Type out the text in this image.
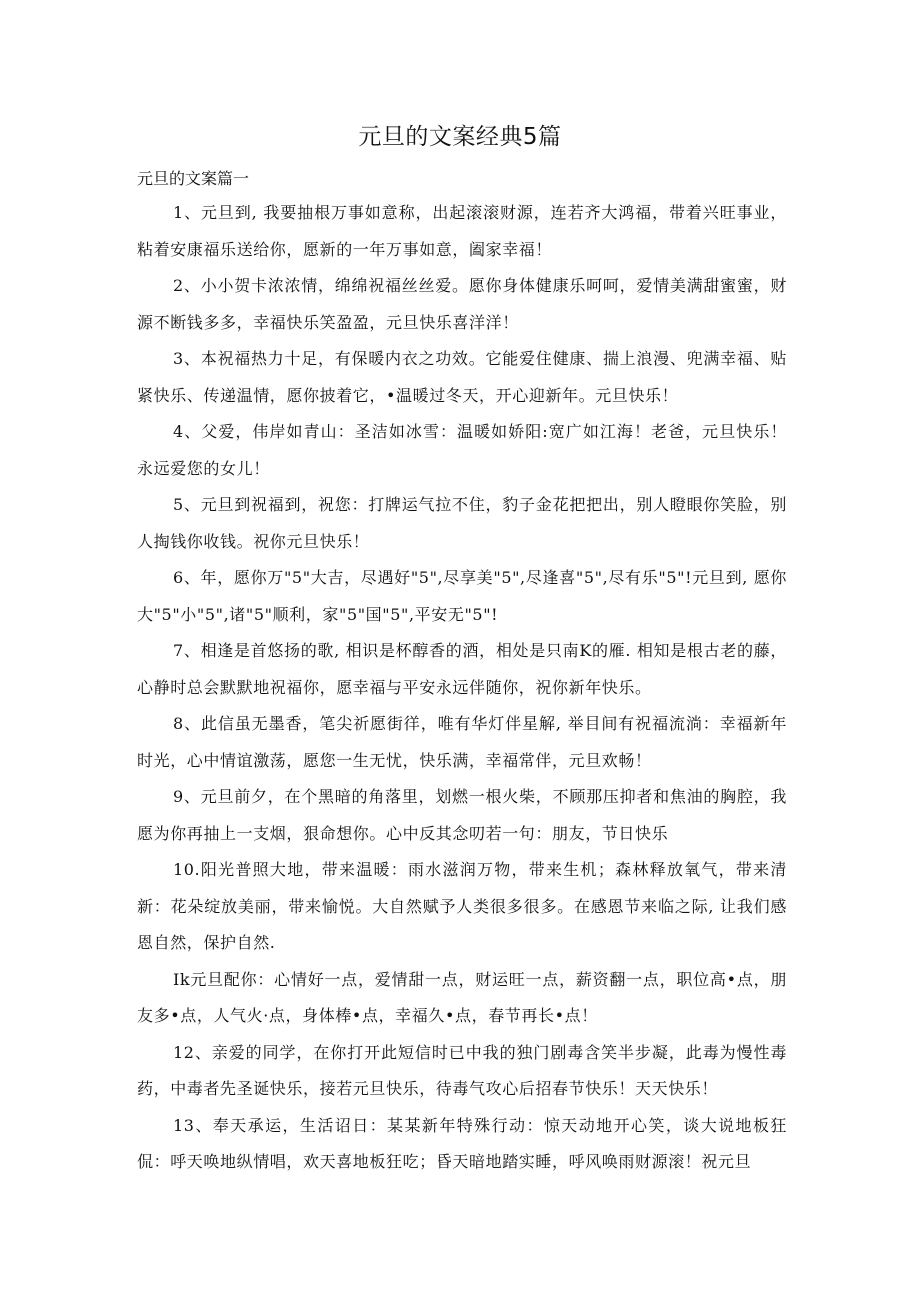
元旦的文案经典5篇

元旦的文案篇一

1、元旦到, 我要抽根万事如意称，出起滚滚财源，连若齐大鸿福，带着兴旺事业，粘着安康福乐送给你，愿新的一年万事如意，阖家幸福！

2、小小贺卡浓浓情，绵绵祝福丝丝爱。愿你身体健康乐呵呵，爱情美满甜蜜蜜，财源不断钱多多，幸福快乐笑盈盈，元旦快乐喜洋洋！

3、本祝福热力十足，有保暖内衣之功效。它能爱住健康、揣上浪漫、兜满幸福、贴紧快乐、传递温情，愿你披着它，•温暖过冬天，开心迎新年。元旦快乐！

4、父爱，伟岸如青山：圣洁如冰雪：温暖如娇阳:宽广如江海！老爸，元旦快乐！永远爱您的女儿！

5、元旦到祝福到，祝您：打牌运气拉不住，豹子金花把把出，别人瞪眼你笑脸，别人掏钱你收钱。祝你元旦快乐！

6、年，愿你万"5"大吉，尽遇好"5",尽享美"5",尽逢喜"5",尽有乐"5"!元旦到, 愿你大"5"小"5",诸"5"顺利，家"5"国"5",平安无"5"!

7、相逢是首悠扬的歌, 相识是杯醇香的酒，相处是只南K的雁. 相知是根古老的藤，心静时总会默默地祝福你，愿幸福与平安永远伴随你，祝你新年快乐。

8、此信虽无墨香，笔尖祈愿街徉，唯有华灯伴星解, 举目间有祝福流淌：幸福新年时光，心中情谊激荡，愿您一生无忧，快乐满，幸福常伴，元旦欢畅！

9、元旦前夕，在个黑暗的角落里，划燃一根火柴，不顾那压抑者和焦油的胸腔，我愿为你再抽上一支烟，狠命想你。心中反其念叨若一句：朋友，节日快乐

10.阳光普照大地，带来温暖：雨水滋润万物，带来生机；森林释放氧气，带来清新：花朵绽放美丽，带来愉悦。大自然赋予人类很多很多。在感恩节来临之际, 让我们感恩自然，保护自然.

Ik元旦配你：心情好一点，爱情甜一点，财运旺一点，薪资翻一点，职位高•点，朋友多•点，人气火·点，身体棒•点，幸福久•点，春节再长•点！

12、亲爱的同学，在你打开此短信时已中我的独门剧毒含笑半步凝，此毒为慢性毒药，中毒者先圣诞快乐，接若元旦快乐，待毒气攻心后招春节快乐！天天快乐！

13、奉天承运，生活诏日：某某新年特殊行动：惊天动地开心笑，谈大说地板狂侃：呼天唤地纵情唱，欢天喜地板狂吃；昏天暗地踏实睡，呼风唤雨财源滚！祝元旦
